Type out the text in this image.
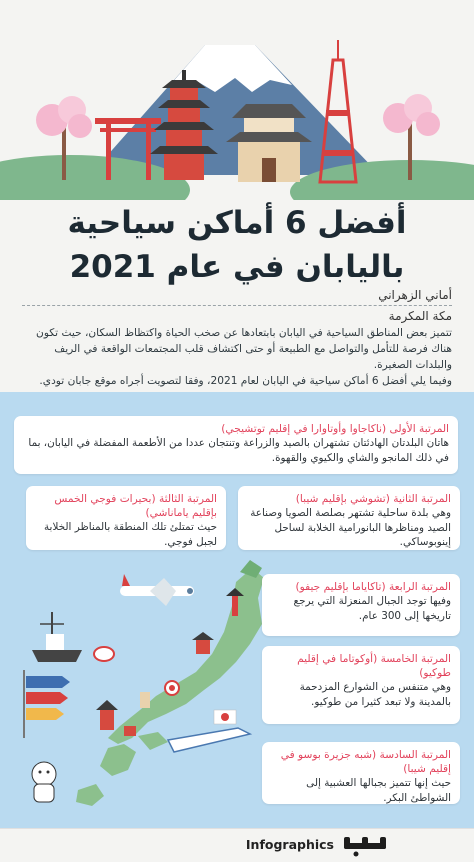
أفضل 6 أماكن سياحية
باليابان في عام 2021
أماني الزهراني
مكة المكرمة

تتميز بعض المناطق السياحية في اليابان بابتعادها عن صخب الحياة واكتظاظ السكان، حيث تكون هناك فرصة للتأمل والتواصل مع الطبيعة أو حتى اكتشاف قلب المجتمعات الواقعة في الريف والبلدات الصغيرة.

وفيما يلي أفضل 6 أماكن سياحية في اليابان لعام 2021، وفقا لتصويت أجراه موقع جابان تودي.

المرتبة الأولى (ناكاجاوا وأوتاوارا في إقليم توتشيجي)
هاتان البلدتان الهادئتان تشتهران بالصيد والزراعة وتنتجان عددا من الأطعمة المفضلة في اليابان، بما في ذلك المانجو والشاي والكيوي والقهوة.
المرتبة الثانية (تشوشي بإقليم شيبا)
وهي بلدة ساحلية تشتهر بصلصة الصويا وصناعة الصيد ومناظرها البانورامية الخلابة لساحل إينوبوساكي.
المرتبة الثالثة (بحيرات فوجي الخمس بإقليم ياماناشي)
حيث تمتلئ تلك المنطقة بالمناظر الخلابة لجبل فوجي.
المرتبة الرابعة (تاكاياما بإقليم جيفو)
وفيها توجد الجبال المنعزلة التي يرجع تاريخها إلى 300 عام.
المرتبة الخامسة (أوكوتاما في إقليم طوكيو)
وهي متنفس من الشوارع المزدحمة بالمدينة ولا تبعد كثيرا من طوكيو.
المرتبة السادسة (شبه جزيرة بوسو في إقليم شيبا)
حيث إنها تتميز بجبالها العشبية إلى الشواطئ البكر.
Infographics
